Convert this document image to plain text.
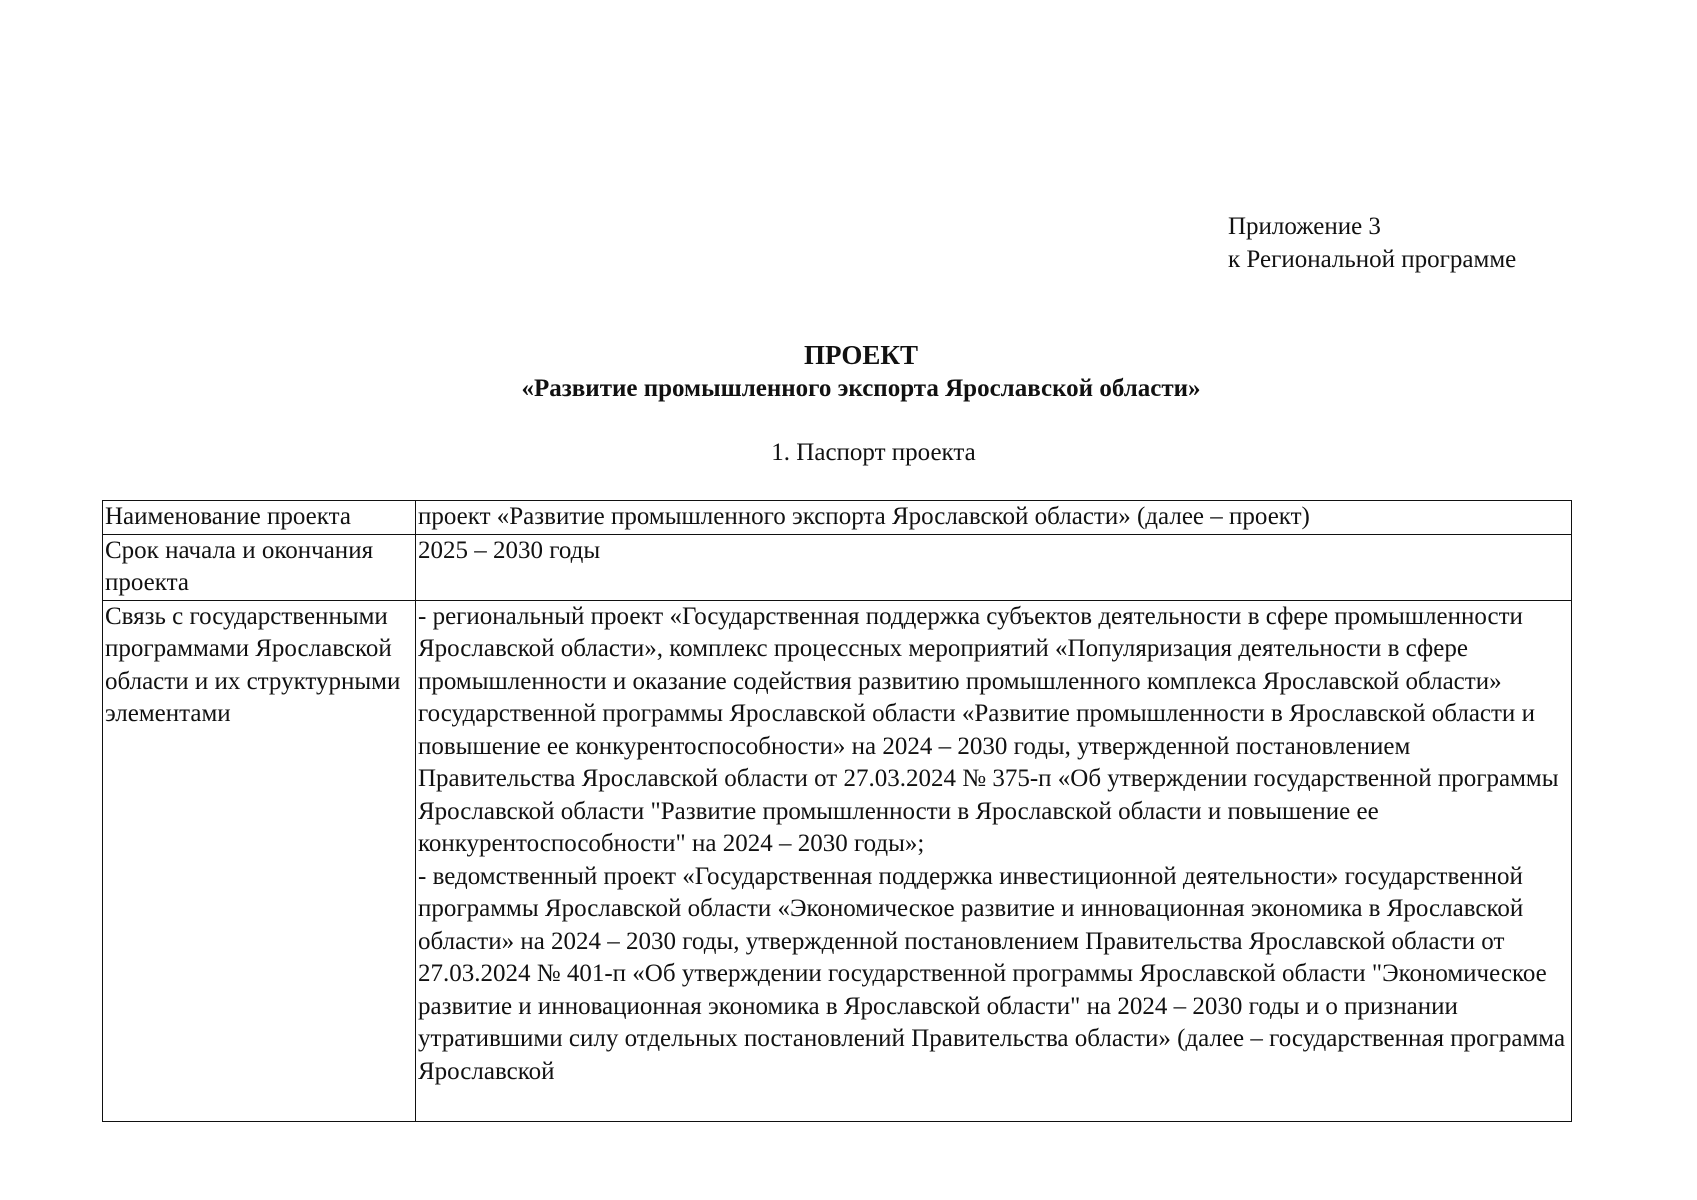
Приложение 3
к Региональной программе
ПРОЕКТ
«Развитие промышленного экспорта Ярославской области»
1. Паспорт проекта
Наименование проекта	проект «Развитие промышленного экспорта Ярославской области» (далее – проект)
Срок начала и окончания проекта	2025 – 2030 годы
Связь с государственными программами Ярославской области и их структурными элементами	- региональный проект «Государственная поддержка субъектов деятельности в сфере промышленности Ярославской области», комплекс процессных мероприятий «Популяризация деятельности в сфере промышленности и оказание содействия развитию промышленного комплекса Ярославской области» государственной программы Ярославской области «Развитие промышленности в Ярославской области и повышение ее конкурентоспособности» на 2024 – 2030 годы, утвержденной постановлением Правительства Ярославской области от 27.03.2024 № 375-п «Об утверждении государственной программы Ярославской области "Развитие промышленности в Ярославской области и повышение ее конкурентоспособности" на 2024 – 2030 годы»;
- ведомственный проект «Государственная поддержка инвестиционной деятельности» государственной программы Ярославской области «Экономическое развитие и инновационная экономика в Ярославской области» на 2024 – 2030 годы, утвержденной постановлением Правительства Ярославской области от 27.03.2024 № 401-п «Об утверждении государственной программы Ярославской области "Экономическое развитие и инновационная экономика в Ярославской области" на 2024 – 2030 годы и о признании утратившими силу отдельных постановлений Правительства области» (далее – государственная программа Ярославской
